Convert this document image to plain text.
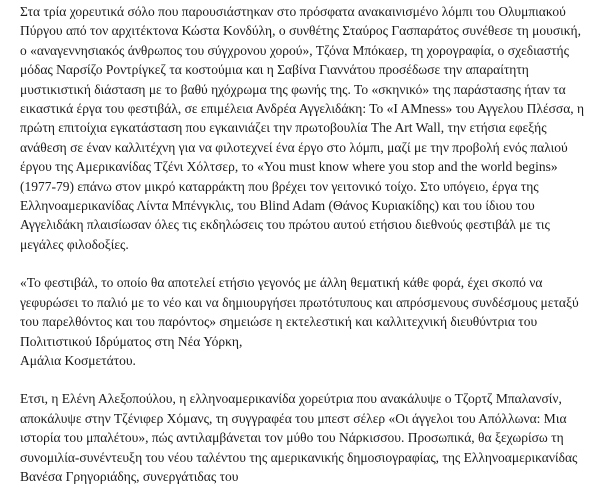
Στα τρία χορευτικά σόλο που παρουσιάστηκαν στο πρόσφατα ανακαινισμένο λόμπι του Ολυμπιακού Πύργου από τον αρχιτέκτονα Κώστα Κονδύλη, ο συνθέτης Σταύρος Γασπαράτος συνέθεσε τη μουσική, ο «αναγεννησιακός άνθρωπος του σύγχρονου χορού», Τζόνα Μπόκαερ, τη χορογραφία, ο σχεδιαστής μόδας Ναρσίζο Ροντρίγκεζ τα κοστούμια και η Σαβίνα Γιαννάτου προσέδωσε την απαραίτητη μυστικιστική διάσταση με το βαθύ ηχόχρωμα της φωνής της. Το «σκηνικό» της παράστασης ήταν τα εικαστικά έργα του φεστιβάλ, σε επιμέλεια Ανδρέα Αγγελιδάκη: Το «Ι ΑΜness» του Αγγελου Πλέσσα, η πρώτη επιτοίχια εγκατάσταση που εγκαινιάζει την πρωτοβουλία The Art Wall, την ετήσια εφεξής ανάθεση σε έναν καλλιτέχνη για να φιλοτεχνεί ένα έργο στο λόμπι, μαζί με την προβολή ενός παλιού έργου της Αμερικανίδας Τζένι Χόλτσερ, το «You must know where you stop and the world begins» (1977-79) επάνω στον μικρό καταρράκτη που βρέχει τον γειτονικό τοίχο. Στο υπόγειο, έργα της Ελληνοαμερικανίδας Λίντα Μπένγκλις, του Blind Adam (Θάνος Κυριακίδης) και του ίδιου του Αγγελιδάκη πλαισίωσαν όλες τις εκδηλώσεις του πρώτου αυτού ετήσιου διεθνούς φεστιβάλ με τις μεγάλες φιλοδοξίες.

«Το φεστιβάλ, το οποίο θα αποτελεί ετήσιο γεγονός με άλλη θεματική κάθε φορά, έχει σκοπό να γεφυρώσει το παλιό με το νέο και να δημιουργήσει πρωτότυπους και απρόσμενους συνδέσμους μεταξύ του παρελθόντος και του παρόντος» σημειώσε η εκτελεστική και καλλιτεχνική διευθύντρια του Πολιτιστικού Ιδρύματος στη Νέα Υόρκη,

Αμάλια Κοσμετάτου.

Ετσι, η Ελένη Αλεξοπούλου, η ελληνοαμερικανίδα χορεύτρια που ανακάλυψε ο Τζορτζ Μπαλανσίν, αποκάλυψε στην Τζένιφερ Χόμανς, τη συγγραφέα του μπεστ σέλερ «Οι άγγελοι του Απόλλωνα: Μια ιστορία του μπαλέτου», πώς αντιλαμβάνεται τον μύθο του Νάρκισσου. Προσωπικά, θα ξεχωρίσω τη συνομιλία-συνέντευξη του νέου ταλέντου της αμερικανικής δημοσιογραφίας, της Ελληνοαμερικανίδας Βανέσα Γρηγοριάδης, συνεργάτιδας του
